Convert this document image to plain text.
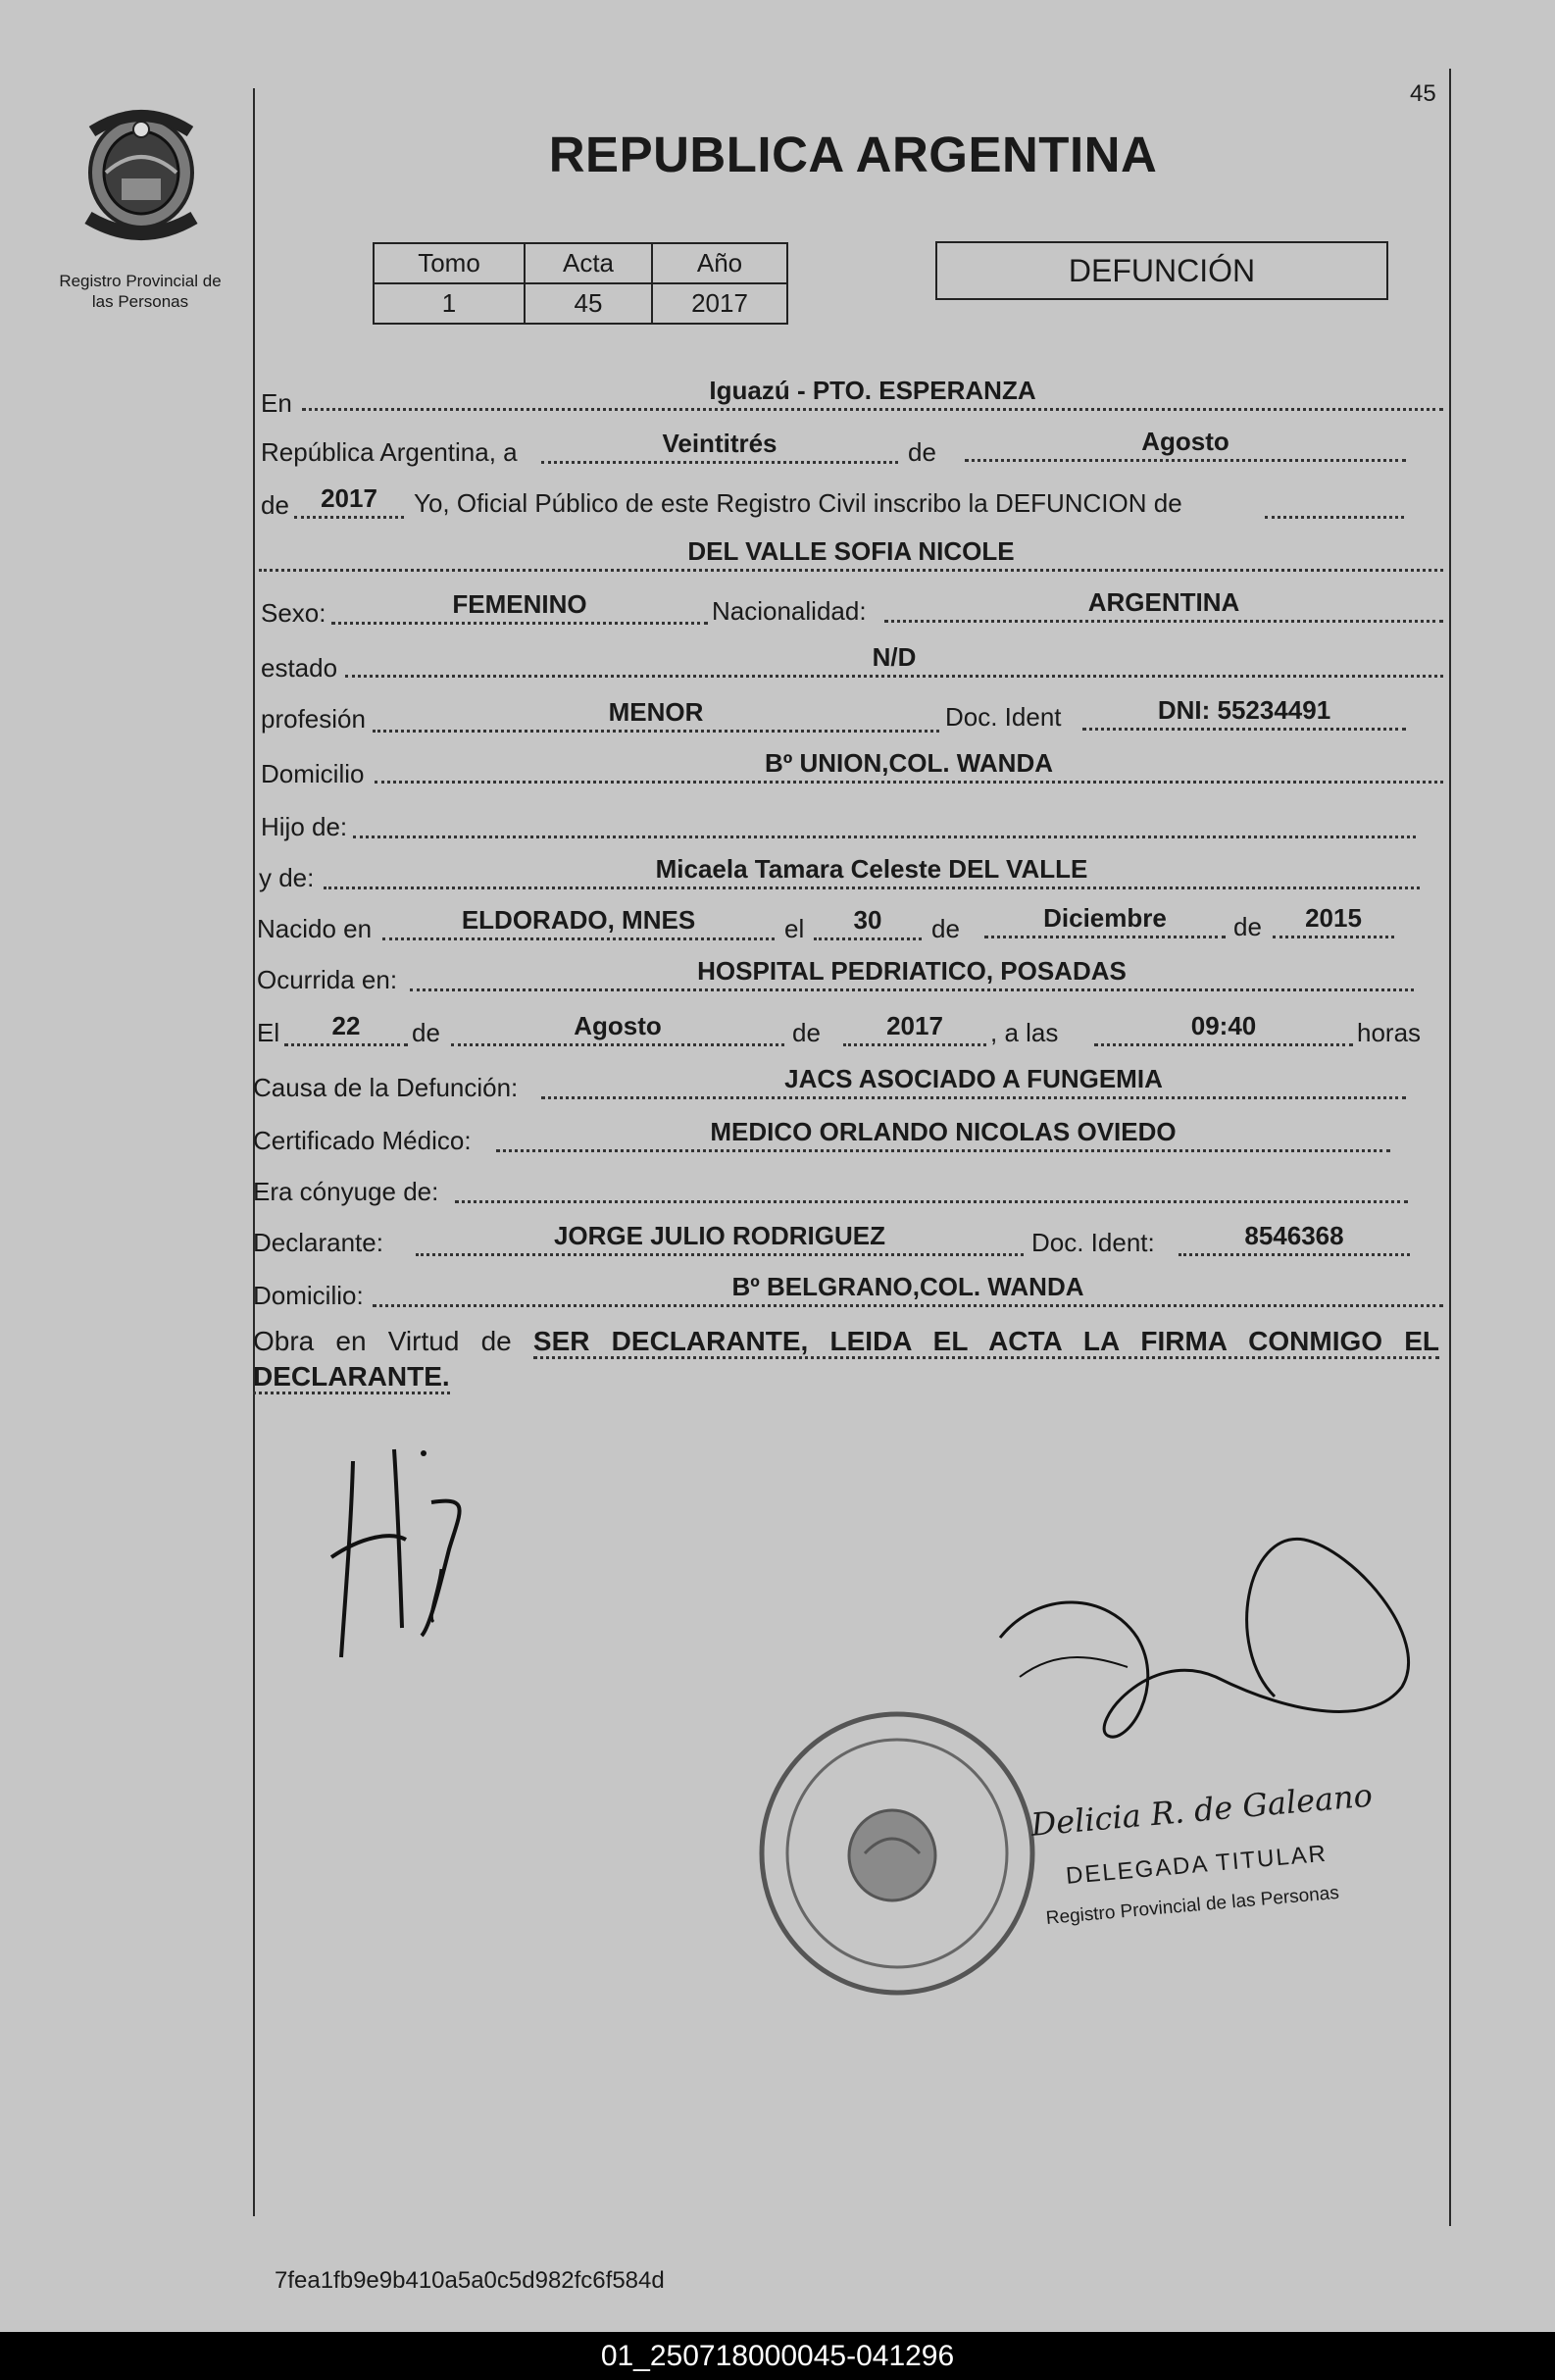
45
Registro Provincial de
las Personas
REPUBLICA ARGENTINA
Tomo	Acta	Año
1	45	2017
DEFUNCIÓN
En	Iguazú - PTO. ESPERANZA
República Argentina, a	Veintitrés	de	Agosto
de	2017	Yo, Oficial Público de este Registro Civil inscribo la DEFUNCION de
DEL VALLE SOFIA NICOLE
Sexo:	FEMENINO	Nacionalidad:	ARGENTINA
estado	N/D
profesión	MENOR	Doc. Ident	DNI: 55234491
Domicilio	Bº UNION,COL. WANDA
Hijo de:
y de:	Micaela Tamara Celeste DEL VALLE
Nacido en	ELDORADO, MNES	el	30	de	Diciembre	de	2015
Ocurrida en:	HOSPITAL PEDRIATICO, POSADAS
El	22	de	Agosto	de	2017	, a las	09:40	horas
Causa de la Defunción:	JACS ASOCIADO A FUNGEMIA
Certificado Médico:	MEDICO ORLANDO NICOLAS OVIEDO
Era cónyuge de:
Declarante:	JORGE JULIO RODRIGUEZ	Doc. Ident:	8546368
Domicilio:	Bº BELGRANO,COL. WANDA
Obra en Virtud de SER DECLARANTE, LEIDA EL ACTA LA FIRMA CONMIGO EL DECLARANTE.
Delicia R. de Galeano
DELEGADA TITULAR
Registro Provincial de las Personas
7fea1fb9e9b410a5a0c5d982fc6f584d
01_250718000045-041296
